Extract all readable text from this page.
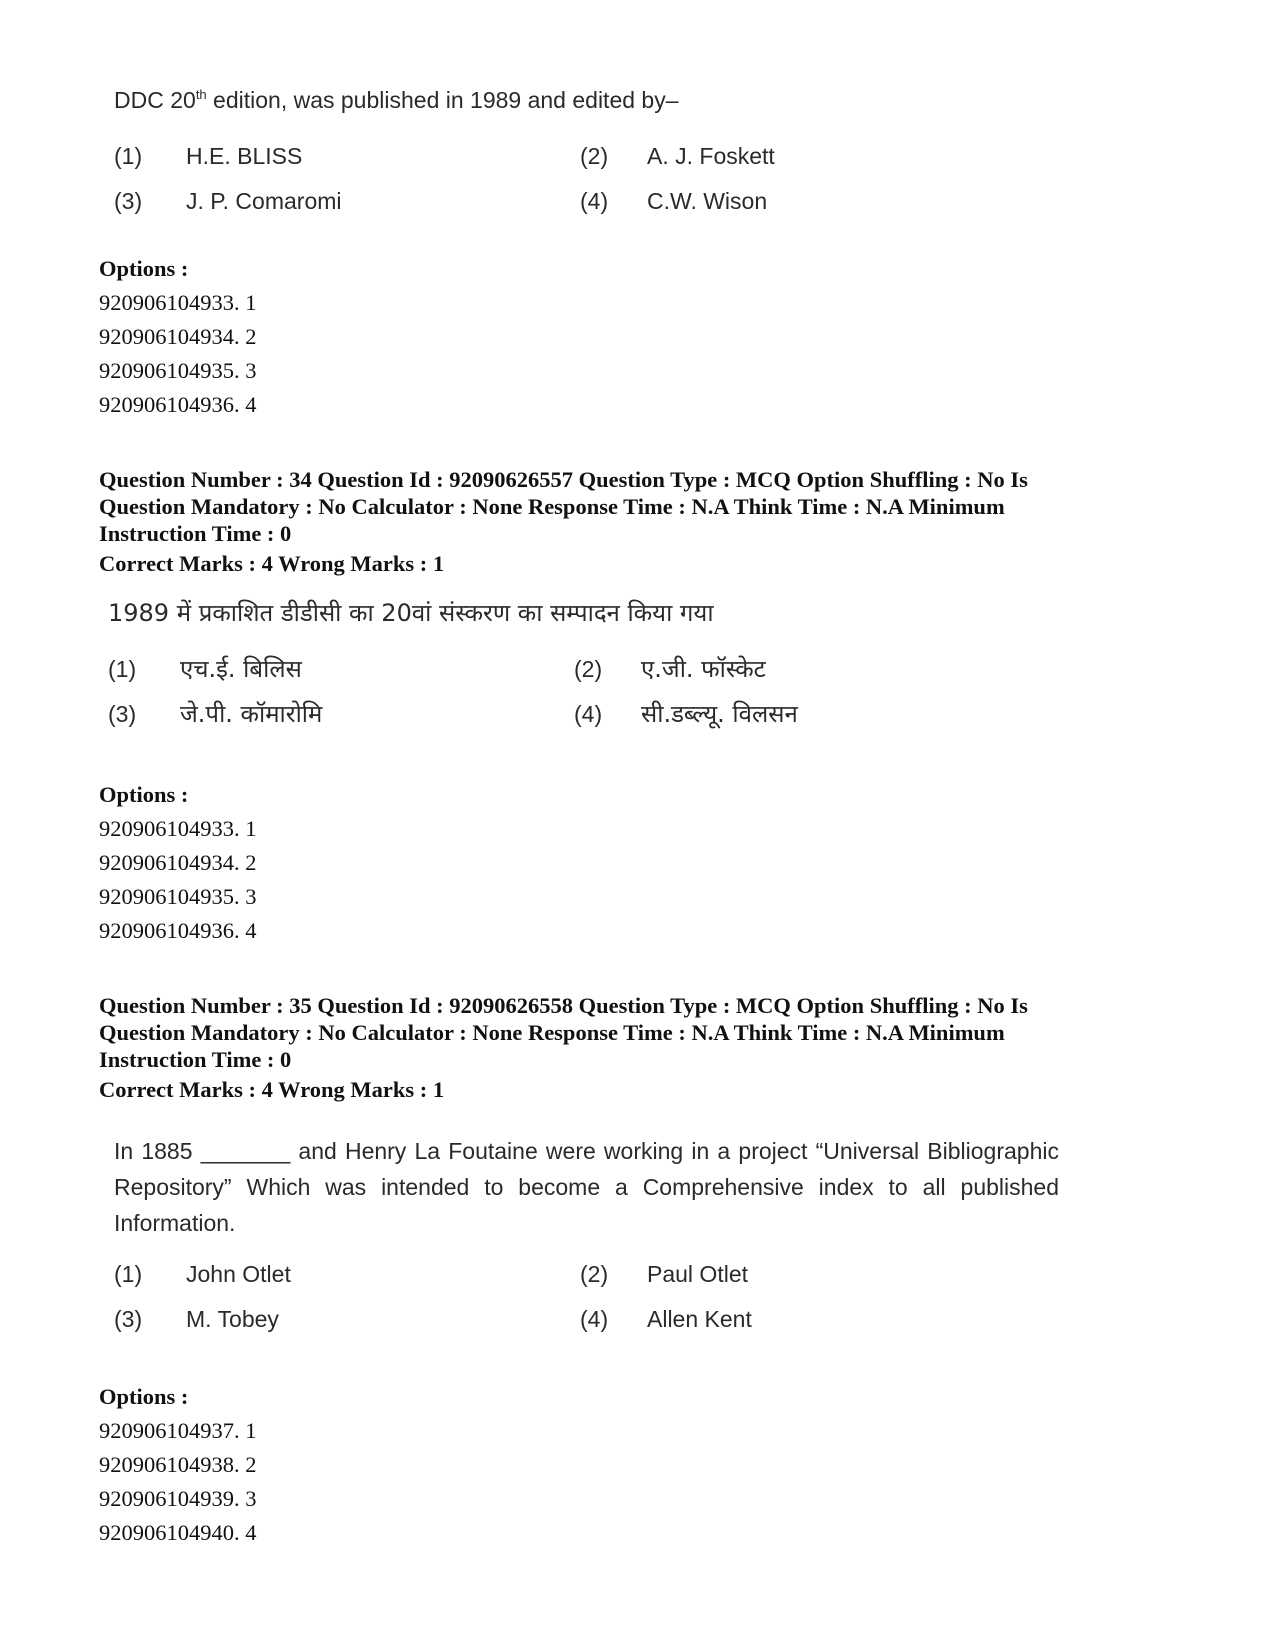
DDC 20th edition, was published in 1989 and edited by–
(1) H.E. BLISS	(2) A. J. Foskett
(3) J. P. Comaromi	(4) C.W. Wison
Options :
920906104933. 1
920906104934. 2
920906104935. 3
920906104936. 4
Question Number : 34 Question Id : 92090626557 Question Type : MCQ Option Shuffling : No Is
Question Mandatory : No Calculator : None Response Time : N.A Think Time : N.A Minimum
Instruction Time : 0
Correct Marks : 4 Wrong Marks : 1
1989 में प्रकाशित डीडीसी का 20वां संस्करण का सम्पादन किया गया
(1) एच.ई. बिलिस	(2) ए.जी. फॉस्केट
(3) जे.पी. कॉमारोमि	(4) सी.डब्ल्यू. विलसन
Options :
920906104933. 1
920906104934. 2
920906104935. 3
920906104936. 4
Question Number : 35 Question Id : 92090626558 Question Type : MCQ Option Shuffling : No Is
Question Mandatory : No Calculator : None Response Time : N.A Think Time : N.A Minimum
Instruction Time : 0
Correct Marks : 4 Wrong Marks : 1
In 1885 _______ and Henry La Foutaine were working in a project “Universal Bibliographic Repository” Which was intended to become a Comprehensive index to all published Information.
(1) John Otlet	(2) Paul Otlet
(3) M. Tobey	(4) Allen Kent
Options :
920906104937. 1
920906104938. 2
920906104939. 3
920906104940. 4
